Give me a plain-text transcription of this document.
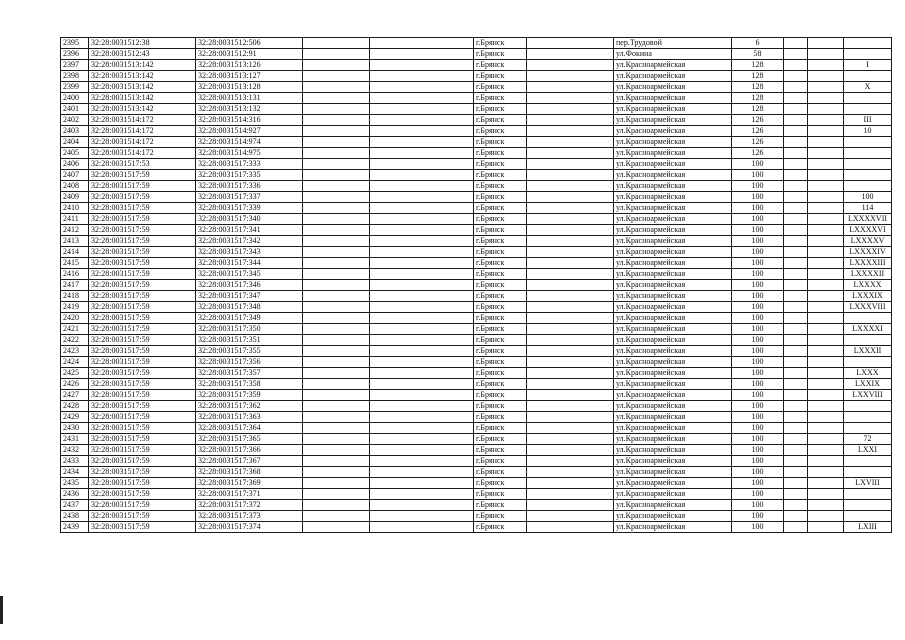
2395	32:28:0031512:38	32:28:0031512:506			г.Брянск		пер.Трудовой	6			
2396	32:28:0031512:43	32:28:0031512:91			г.Брянск		ул.Фокина	58			
2397	32:28:0031513:142	32:28:0031513:126			г.Брянск		ул.Красноармейская	128			I
2398	32:28:0031513:142	32:28:0031513:127			г.Брянск		ул.Красноармейская	128			
2399	32:28:0031513:142	32:28:0031513:128			г.Брянск		ул.Красноармейская	128			X
2400	32:28:0031513:142	32:28:0031513:131			г.Брянск		ул.Красноармейская	128			
2401	32:28:0031513:142	32:28:0031513:132			г.Брянск		ул.Красноармейская	128			
2402	32:28:0031514:172	32:28:0031514:316			г.Брянск		ул.Красноармейская	126			III
2403	32:28:0031514:172	32:28:0031514:927			г.Брянск		ул.Красноармейская	126			10
2404	32:28:0031514:172	32:28:0031514:974			г.Брянск		ул.Красноармейская	126			
2405	32:28:0031514:172	32:28:0031514:975			г.Брянск		ул.Красноармейская	126			
2406	32:28:0031517:53	32:28:0031517:333			г.Брянск		ул.Красноармейская	100			
2407	32:28:0031517:59	32:28:0031517:335			г.Брянск		ул.Красноармейская	100			
2408	32:28:0031517:59	32:28:0031517:336			г.Брянск		ул.Красноармейская	100			
2409	32:28:0031517:59	32:28:0031517:337			г.Брянск		ул.Красноармейская	100			100
2410	32:28:0031517:59	32:28:0031517:339			г.Брянск		ул.Красноармейская	100			114
2411	32:28:0031517:59	32:28:0031517:340			г.Брянск		ул.Красноармейская	100			LXXXXVII
2412	32:28:0031517:59	32:28:0031517:341			г.Брянск		ул.Красноармейская	100			LXXXXVI
2413	32:28:0031517:59	32:28:0031517:342			г.Брянск		ул.Красноармейская	100			LXXXXV
2414	32:28:0031517:59	32:28:0031517:343			г.Брянск		ул.Красноармейская	100			LXXXXIV
2415	32:28:0031517:59	32:28:0031517:344			г.Брянск		ул.Красноармейская	100			LXXXXIII
2416	32:28:0031517:59	32:28:0031517:345			г.Брянск		ул.Красноармейская	100			LXXXXII
2417	32:28:0031517:59	32:28:0031517:346			г.Брянск		ул.Красноармейская	100			LXXXX
2418	32:28:0031517:59	32:28:0031517:347			г.Брянск		ул.Красноармейская	100			LXXXIX
2419	32:28:0031517:59	32:28:0031517:348			г.Брянск		ул.Красноармейская	100			LXXXVIII
2420	32:28:0031517:59	32:28:0031517:349			г.Брянск		ул.Красноармейская	100			
2421	32:28:0031517:59	32:28:0031517:350			г.Брянск		ул.Красноармейская	100			LXXXXI
2422	32:28:0031517:59	32:28:0031517:351			г.Брянск		ул.Красноармейская	100			
2423	32:28:0031517:59	32:28:0031517:355			г.Брянск		ул.Красноармейская	100			LXXXII
2424	32:28:0031517:59	32:28:0031517:356			г.Брянск		ул.Красноармейская	100			
2425	32:28:0031517:59	32:28:0031517:357			г.Брянск		ул.Красноармейская	100			LXXX
2426	32:28:0031517:59	32:28:0031517:358			г.Брянск		ул.Красноармейская	100			LXXIX
2427	32:28:0031517:59	32:28:0031517:359			г.Брянск		ул.Красноармейская	100			LXXVIII
2428	32:28:0031517:59	32:28:0031517:362			г.Брянск		ул.Красноармейская	100			
2429	32:28:0031517:59	32:28:0031517:363			г.Брянск		ул.Красноармейская	100			
2430	32:28:0031517:59	32:28:0031517:364			г.Брянск		ул.Красноармейская	100			
2431	32:28:0031517:59	32:28:0031517:365			г.Брянск		ул.Красноармейская	100			72
2432	32:28:0031517:59	32:28:0031517:366			г.Брянск		ул.Красноармейская	100			LXXI
2433	32:28:0031517:59	32:28:0031517:367			г.Брянск		ул.Красноармейская	100			
2434	32:28:0031517:59	32:28:0031517:368			г.Брянск		ул.Красноармейская	100			
2435	32:28:0031517:59	32:28:0031517:369			г.Брянск		ул.Красноармейская	100			LXVIII
2436	32:28:0031517:59	32:28:0031517:371			г.Брянск		ул.Красноармейская	100			
2437	32:28:0031517:59	32:28:0031517:372			г.Брянск		ул.Красноармейская	100			
2438	32:28:0031517:59	32:28:0031517:373			г.Брянск		ул.Красноармейская	100			
2439	32:28:0031517:59	32:28:0031517:374			г.Брянск		ул.Красноармейская	100			LXIII
